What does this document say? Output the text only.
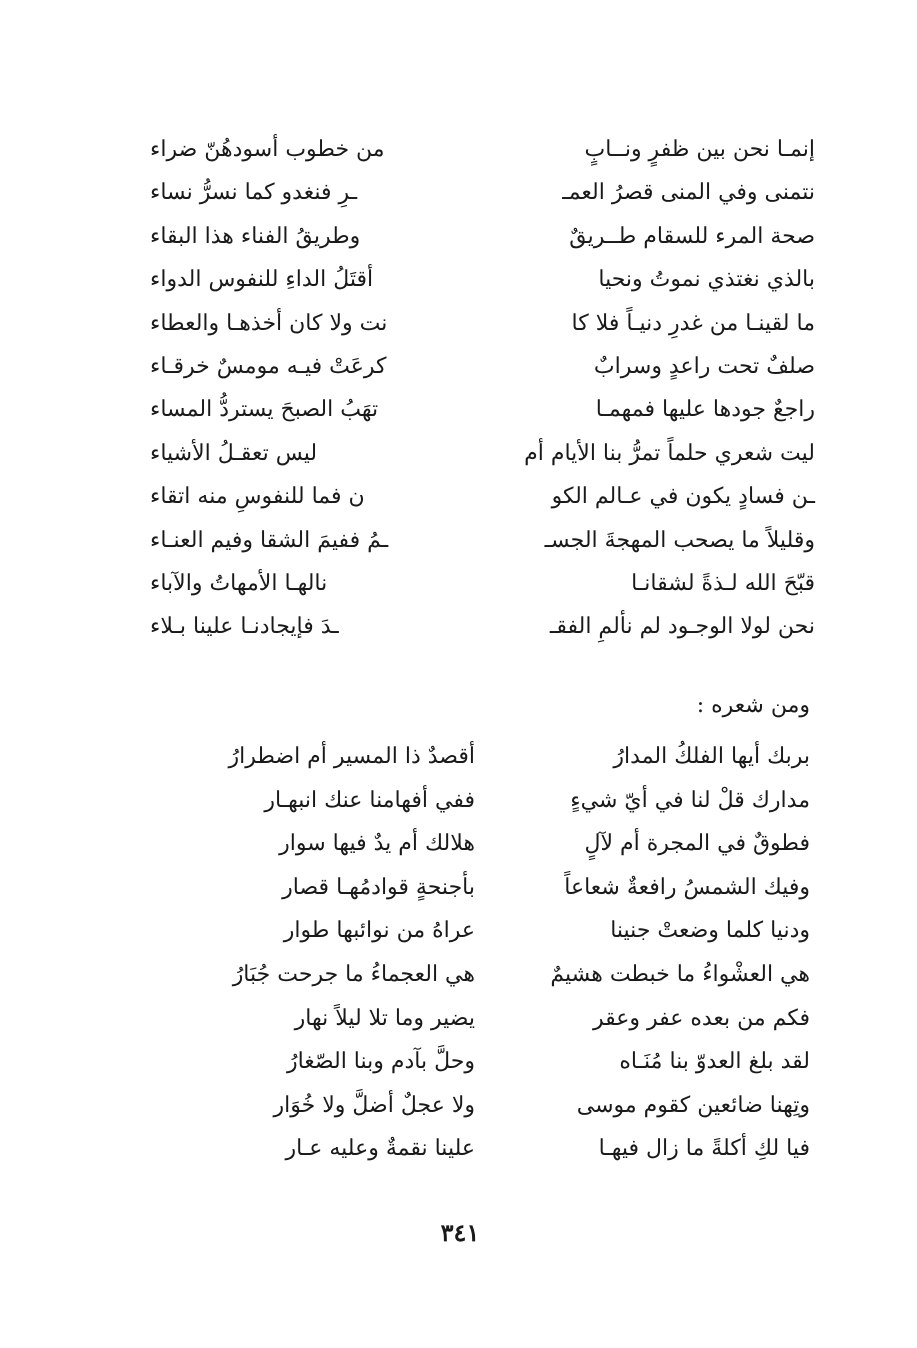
إنمـا نحن بين ظفرٍ ونــابٍ
من خطوب أسودهُنّ ضراء
نتمنى وفي المنى قصرُ العمـ
ـرِ فنغدو كما نسرُّ نساء
صحة المرء للسقام طــريقٌ
وطريقُ الفناء هذا البقاء
بالذي نغتذي نموتُ ونحيا
أقتَلُ الداءِ للنفوس الدواء
ما لقينـا من غدرِ دنيـاً فلا كا
نت ولا كان أخذهـا والعطاء
صلفٌ تحت راعدٍ وسرابٌ
كرعَتْ فيـه مومسٌ خرقـاء
راجعٌ جودها عليها فمهمـا
تهَبُ الصبحَ يستردُّ المساء
ليت شعري حلماً تمرُّ بنا الأيام أم
ليس تعقـلُ الأشياء
ـن فسادٍ يكون في عـالم الكو
ن فما للنفوسِ منه اتقاء
وقليلاً ما يصحب المهجةَ الجسـ
ـمُ ففيمَ الشقا وفيم العنـاء
قبّحَ الله لـذةً لشقانـا
نالهـا الأمهاتُ والآباء
نحن لولا الوجـود لم نألمِ الفقـ
ـدَ فإيجادنـا علينا بـلاء
ومن شعره :
بربك أيها الفلكُ المدارُ
أقصدٌ ذا المسير أم اضطرارُ
مدارك قلْ لنا في أيّ شيءٍ
ففي أفهامنا عنك انبهـار
فطوقٌ في المجرة أم لآلٍ
هلالك أم يدٌ فيها سوار
وفيك الشمسُ رافعةٌ شعاعاً
بأجنحةٍ قوادمُهـا قصار
ودنيا كلما وضعتْ جنينا
عراهُ من نوائبها طوار
هي العشْواءُ ما خبطت هشيمٌ
هي العجماءُ ما جرحت جُبَارُ
فكم من بعده عفر وعقر
يضير وما تلا ليلاً نهار
لقد بلغ العدوّ بنا مُنَـاه
وحلَّ بآدم وبنا الصّغارُ
وتِهنا ضائعين كقوم موسى
ولا عجلٌ أضلَّ ولا خُوَار
فيا لكِ أكلةً ما زال فيهـا
علينا نقمةٌ وعليه عـار
٣٤١
